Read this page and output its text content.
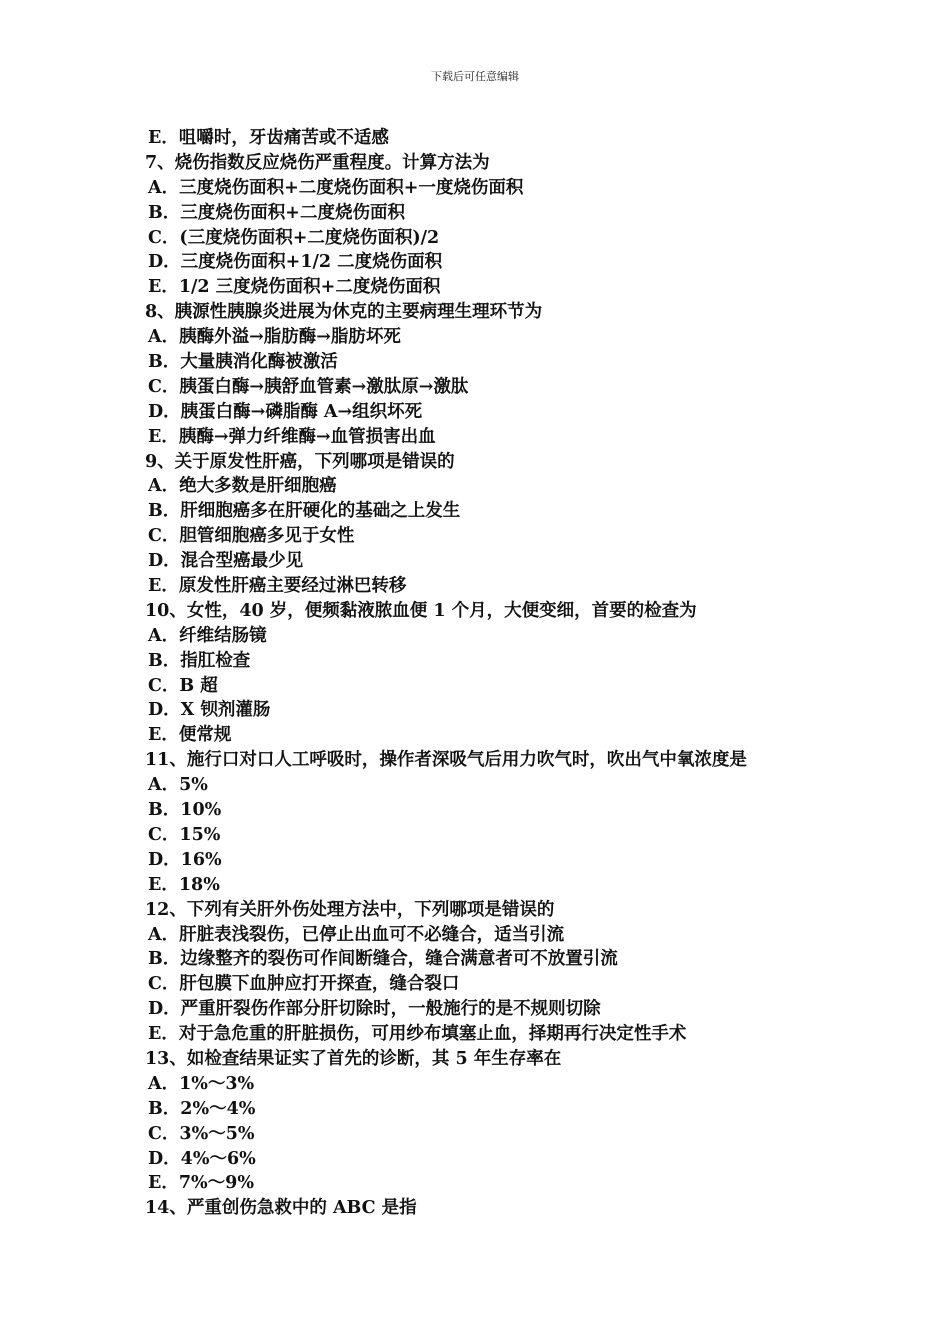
下载后可任意编辑
E．咀嚼时，牙齿痛苦或不适感
7、烧伤指数反应烧伤严重程度。计算方法为
A．三度烧伤面积+二度烧伤面积+一度烧伤面积
B．三度烧伤面积+二度烧伤面积
C．(三度烧伤面积+二度烧伤面积)/2
D．三度烧伤面积+1/2 二度烧伤面积
E．1/2 三度烧伤面积+二度烧伤面积
8、胰源性胰腺炎进展为休克的主要病理生理环节为
A．胰酶外溢→脂肪酶→脂肪坏死
B．大量胰消化酶被激活
C．胰蛋白酶→胰舒血管素→激肽原→激肽
D．胰蛋白酶→磷脂酶 A→组织坏死
E．胰酶→弹力纤维酶→血管损害出血
9、关于原发性肝癌，下列哪项是错误的
A．绝大多数是肝细胞癌
B．肝细胞癌多在肝硬化的基础之上发生
C．胆管细胞癌多见于女性
D．混合型癌最少见
E．原发性肝癌主要经过淋巴转移
10、女性，40 岁，便频黏液脓血便 1 个月，大便变细，首要的检查为
A．纤维结肠镜
B．指肛检查
C．B 超
D．X 钡剂灌肠
E．便常规
11、施行口对口人工呼吸时，操作者深吸气后用力吹气时，吹出气中氧浓度是
A．5%
B．10%
C．15%
D．16%
E．18%
12、下列有关肝外伤处理方法中，下列哪项是错误的
A．肝脏表浅裂伤，已停止出血可不必缝合，适当引流
B．边缘整齐的裂伤可作间断缝合，缝合满意者可不放置引流
C．肝包膜下血肿应打开探查，缝合裂口
D．严重肝裂伤作部分肝切除时，一般施行的是不规则切除
E．对于急危重的肝脏损伤，可用纱布填塞止血，择期再行决定性手术
13、如检查结果证实了首先的诊断，其 5 年生存率在
A．1%～3%
B．2%～4%
C．3%～5%
D．4%～6%
E．7%～9%
14、严重创伤急救中的 ABC 是指
